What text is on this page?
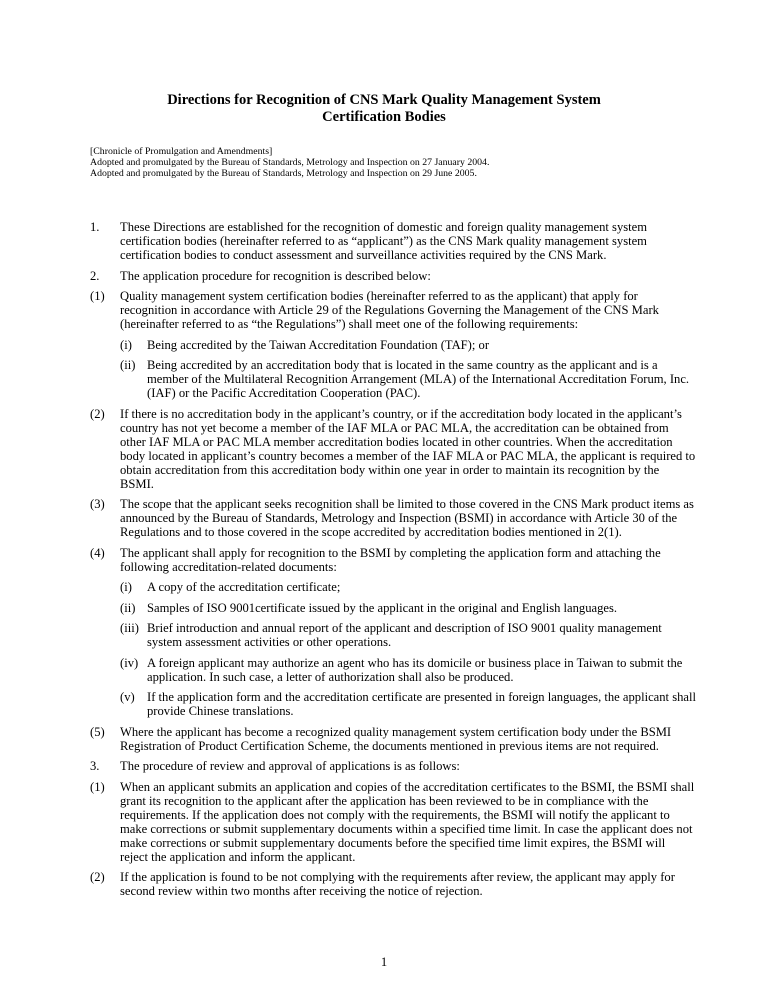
Directions for Recognition of CNS Mark Quality Management System
Certification Bodies
[Chronicle of Promulgation and Amendments]
Adopted and promulgated by the Bureau of Standards, Metrology and Inspection on 27 January 2004.
Adopted and promulgated by the Bureau of Standards, Metrology and Inspection on 29 June 2005.
1.	These Directions are established for the recognition of domestic and foreign quality management system certification bodies (hereinafter referred to as “applicant”) as the CNS Mark quality management system certification bodies to conduct assessment and surveillance activities required by the CNS Mark.
2.	The application procedure for recognition is described below:
(1)	Quality management system certification bodies (hereinafter referred to as the applicant) that apply for recognition in accordance with Article 29 of the Regulations Governing the Management of the CNS Mark (hereinafter referred to as “the Regulations”) shall meet one of the following requirements:
(i)	Being accredited by the Taiwan Accreditation Foundation (TAF); or
(ii) Being accredited by an accreditation body that is located in the same country as the applicant and is a member of the Multilateral Recognition Arrangement (MLA) of the International Accreditation Forum, Inc. (IAF) or the Pacific Accreditation Cooperation (PAC).
(2)	If there is no accreditation body in the applicant’s country, or if the accreditation body located in the applicant’s country has not yet become a member of the IAF MLA or PAC MLA, the accreditation can be obtained from other IAF MLA or PAC MLA member accreditation bodies located in other countries. When the accreditation body located in applicant’s country becomes a member of the IAF MLA or PAC MLA, the applicant is required to obtain accreditation from this accreditation body within one year in order to maintain its recognition by the BSMI.
(3)	The scope that the applicant seeks recognition shall be limited to those covered in the CNS Mark product items as announced by the Bureau of Standards, Metrology and Inspection (BSMI) in accordance with Article 30 of the Regulations and to those covered in the scope accredited by accreditation bodies mentioned in 2(1).
(4)	The applicant shall apply for recognition to the BSMI by completing the application form and attaching the following accreditation-related documents:
(i)	A copy of the accreditation certificate;
(ii) Samples of ISO 9001certificate issued by the applicant in the original and English languages.
(iii) Brief introduction and annual report of the applicant and description of ISO 9001 quality management system assessment activities or other operations.
(iv) A foreign applicant may authorize an agent who has its domicile or business place in Taiwan to submit the application. In such case, a letter of authorization shall also be produced.
(v) If the application form and the accreditation certificate are presented in foreign languages, the applicant shall provide Chinese translations.
(5)	Where the applicant has become a recognized quality management system certification body under the BSMI Registration of Product Certification Scheme, the documents mentioned in previous items are not required.
3.	The procedure of review and approval of applications is as follows:
(1)	When an applicant submits an application and copies of the accreditation certificates to the BSMI, the BSMI shall grant its recognition to the applicant after the application has been reviewed to be in compliance with the requirements. If the application does not comply with the requirements, the BSMI will notify the applicant to make corrections or submit supplementary documents within a specified time limit. In case the applicant does not make corrections or submit supplementary documents before the specified time limit expires, the BSMI will reject the application and inform the applicant.
(2)	If the application is found to be not complying with the requirements after review, the applicant may apply for second review within two months after receiving the notice of rejection.
1
